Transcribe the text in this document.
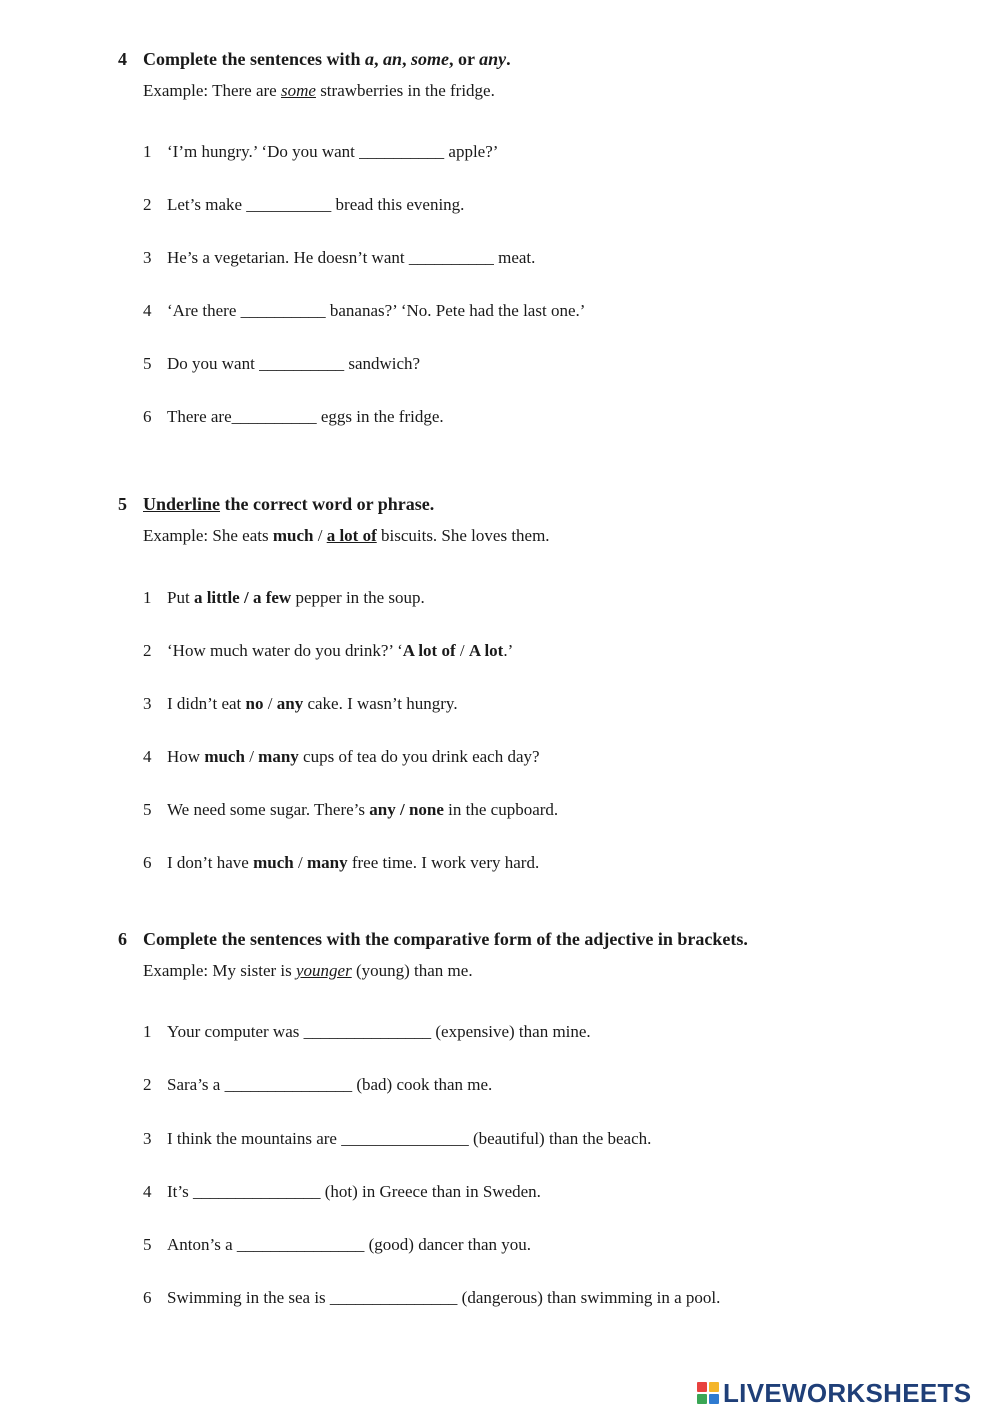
4 Complete the sentences with a, an, some, or any.
Example: There are some strawberries in the fridge.
1 ‘I’m hungry.’ ‘Do you want __________ apple?’
2 Let’s make __________ bread this evening.
3 He’s a vegetarian. He doesn’t want __________ meat.
4 ‘Are there __________ bananas?’ ‘No. Pete had the last one.’
5 Do you want __________ sandwich?
6 There are__________ eggs in the fridge.
5 Underline the correct word or phrase.
Example: She eats much / a lot of biscuits. She loves them.
1 Put a little / a few pepper in the soup.
2 ‘How much water do you drink?’ ‘A lot of / A lot.’
3 I didn’t eat no / any cake. I wasn’t hungry.
4 How much / many cups of tea do you drink each day?
5 We need some sugar. There’s any / none in the cupboard.
6 I don’t have much / many free time. I work very hard.
6 Complete the sentences with the comparative form of the adjective in brackets.
Example: My sister is younger (young) than me.
1 Your computer was _______________ (expensive) than mine.
2 Sara’s a _______________ (bad) cook than me.
3 I think the mountains are _______________ (beautiful) than the beach.
4 It’s _______________ (hot) in Greece than in Sweden.
5 Anton’s a _______________ (good) dancer than you.
6 Swimming in the sea is _______________ (dangerous) than swimming in a pool.
LIVEWORKSHEETS
